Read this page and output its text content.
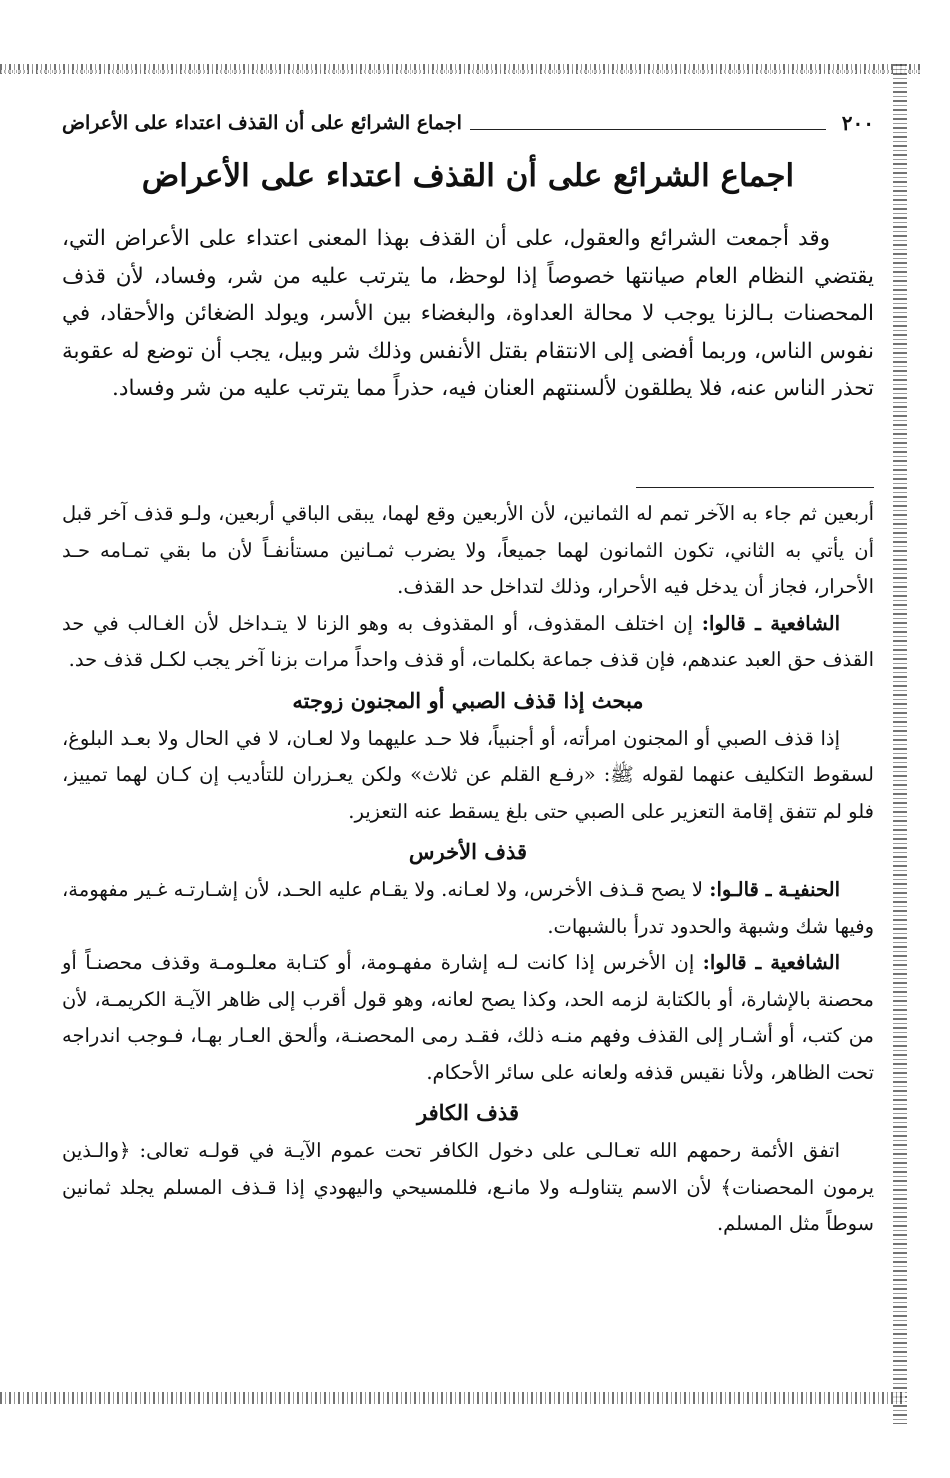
٢٠٠
اجماع الشرائع على أن القذف اعتداء على الأعراض
اجماع الشرائع على أن القذف اعتداء على الأعراض

وقد أجمعت الشرائع والعقول، على أن القذف بهذا المعنى اعتداء على الأعراض التي، يقتضي النظام العام صيانتها خصوصاً إذا لوحظ، ما يترتب عليه من شر، وفساد، لأن قذف المحصنات بـالزنا يوجب لا محالة العداوة، والبغضاء بين الأسر، ويولد الضغائن والأحقاد، في نفوس الناس، وربما أفضى إلى الانتقام بقتل الأنفس وذلك شر وبيل، يجب أن توضع له عقوبة تحذر الناس عنه، فلا يطلقون لألسنتهم العنان فيه، حذراً مما يترتب عليه من شر وفساد.

أربعين ثم جاء به الآخر تمم له الثمانين، لأن الأربعين وقع لهما، يبقى الباقي أربعين، ولـو قذف آخر قبل أن يأتي به الثاني، تكون الثمانون لهما جميعاً، ولا يضرب ثمـانين مستأنفـاً لأن ما بقي تمـامه حـد الأحرار، فجاز أن يدخل فيه الأحرار، وذلك لتداخل حد القذف.

الشافعية ـ قالوا: إن اختلف المقذوف، أو المقذوف به وهو الزنا لا يتـداخل لأن الغـالب في حد القذف حق العبد عندهم، فإن قذف جماعة بكلمات، أو قذف واحداً مرات بزنا آخر يجب لكـل قذف حد.

مبحث إذا قذف الصبي أو المجنون زوجته

إذا قذف الصبي أو المجنون امرأته، أو أجنبياً، فلا حـد عليهما ولا لعـان، لا في الحال ولا بعـد البلوغ، لسقوط التكليف عنهما لقوله ﷺ: «رفـع القلم عن ثلاث» ولكن يعـزران للتأديب إن كـان لهما تمييز، فلو لم تتفق إقامة التعزير على الصبي حتى بلغ يسقط عنه التعزير.

قذف الأخرس

الحنفيـة ـ قالـوا: لا يصح قـذف الأخرس، ولا لعـانه. ولا يقـام عليه الحـد، لأن إشـارتـه غـير مفهومة، وفيها شك وشبهة والحدود تدرأ بالشبهات.

الشافعية ـ قالوا: إن الأخرس إذا كانت لـه إشارة مفهـومة، أو كتـابة معلـومـة وقذف محصنـاً أو محصنة بالإشارة، أو بالكتابة لزمه الحد، وكذا يصح لعانه، وهو قول أقرب إلى ظاهر الآيـة الكريمـة، لأن من كتب، أو أشـار إلى القذف وفهم منـه ذلك، فقـد رمى المحصنـة، وألحق العـار بهـا، فـوجب اندراجه تحت الظاهر، ولأنا نقيس قذفه ولعانه على سائر الأحكام.

قذف الكافر

اتفق الأئمة رحمهم الله تعـالـى على دخول الكافر تحت عموم الآيـة في قولـه تعالى: ﴿والـذين يرمون المحصنات﴾ لأن الاسم يتناولـه ولا مانـع، فللمسيحي واليهودي إذا قـذف المسلم يجلد ثمانين سوطاً مثل المسلم.
